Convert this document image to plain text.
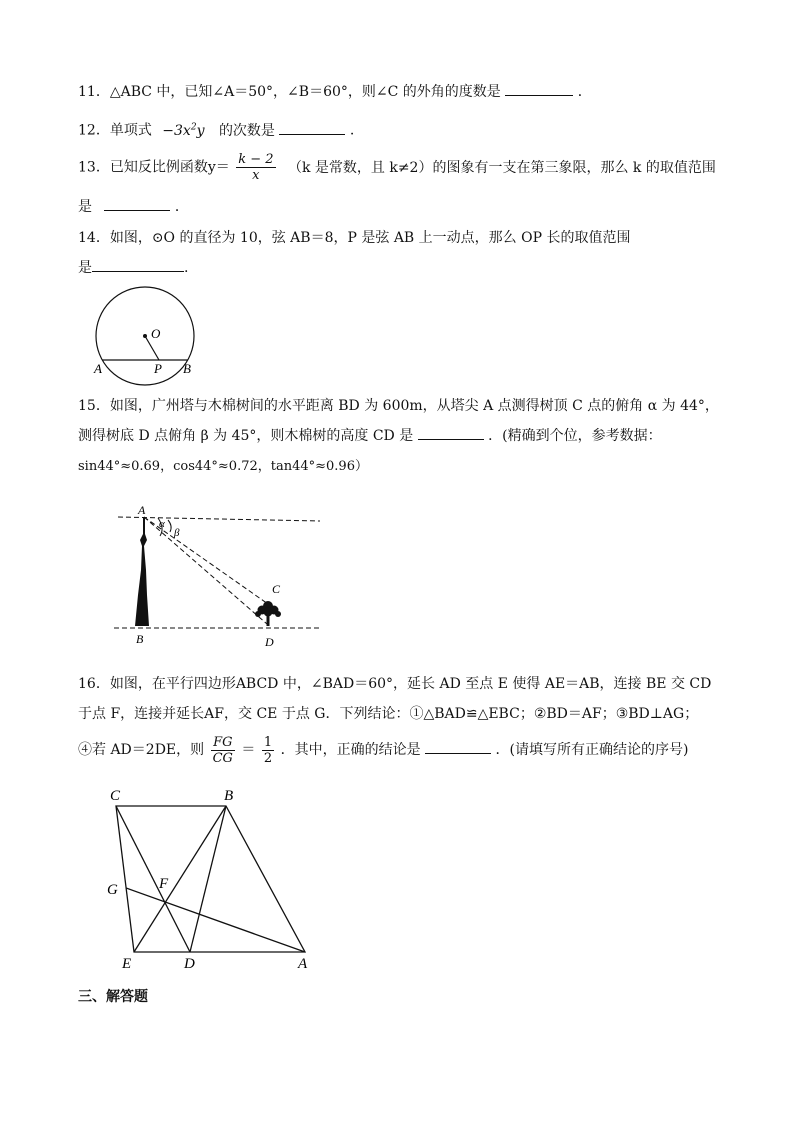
11．△ABC 中，已知∠A＝50°，∠B＝60°，则∠C 的外角的度数是	．
12．单项式 $-3x^2y$ 的次数是	.
13．已知反比例函数$y= \frac{k - 2}{x} (k$ 是常数，且 k≠2）的图象有一支在第三象限，那么 k 的取值范围
是	．
14．如图，⊙O 的直径为 10，弦 AB＝8，P 是弦 AB 上一动点，那么 OP 长的取值范围
是	.
O
A	P B
15．如图，广州塔与木棉树间的水平距离 BD 为 600m，从塔尖 A 点测得树顶 C 点的俯角 α 为 44°，
测得树底 D 点俯角 β 为 45°，则木棉树的高度 CD 是	．(精确到个位，参考数据：
sin44°≈0.69，cos44°≈0.72，tan44°≈0.96）
α
β
A
B
C
D
16．如图，在平行四边形ABCD 中，∠BAD＝60°，延长 AD 至点 E 使得 AE＝AB，连接 BE 交 CD
于点 F，连接并延长AF，交 CE 于点 G．下列结论：①△BAD≌△EBC；②BD＝AF；③BD⊥AG；
④若 AD＝2DE，则 $\frac{FG}{CG} = \frac{1}{2}$ ．其中，正确的结论是	．(请填写所有正确结论的序号)
C	B
G	F
E	D	A
三、解答题
